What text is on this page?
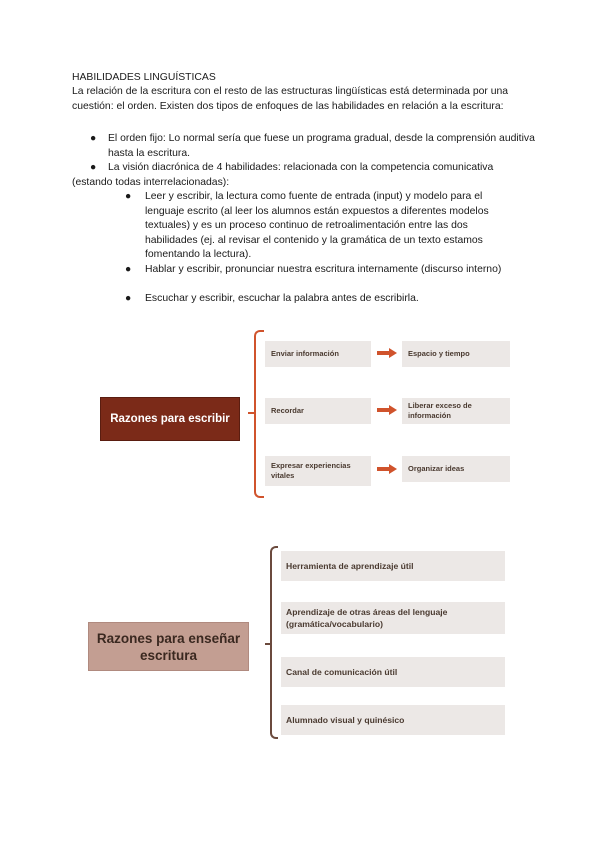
HABILIDADES LINGUÍSTICAS
La relación de la escritura con el resto de las estructuras lingüísticas está determinada por una cuestión: el orden. Existen dos tipos de enfoques de las habilidades en relación a la escritura:
● El orden fijo: Lo normal sería que fuese un programa gradual, desde la comprensión auditiva hasta la escritura.
● La visión diacrónica de 4 habilidades: relacionada con la competencia comunicativa (estando todas interrelacionadas):
● Leer y escribir, la lectura como fuente de entrada (input) y modelo para el lenguaje escrito (al leer los alumnos están expuestos a diferentes modelos textuales) y es un proceso continuo de retroalimentación entre las dos habilidades (ej. al revisar el contenido y la gramática de un texto estamos fomentando la lectura).
● Hablar y escribir, pronunciar nuestra escritura internamente (discurso interno)
● Escuchar y escribir, escuchar la palabra antes de escribirla.
Razones para escribir
Enviar información	Espacio y tiempo
Recordar
Liberar exceso de información
Expresar experiencias vitales
Organizar ideas
Razones para enseñar escritura
Herramienta de aprendizaje útil
Aprendizaje de otras áreas del lenguaje (gramática/vocabulario)
Canal de comunicación útil
Alumnado visual y quinésico
